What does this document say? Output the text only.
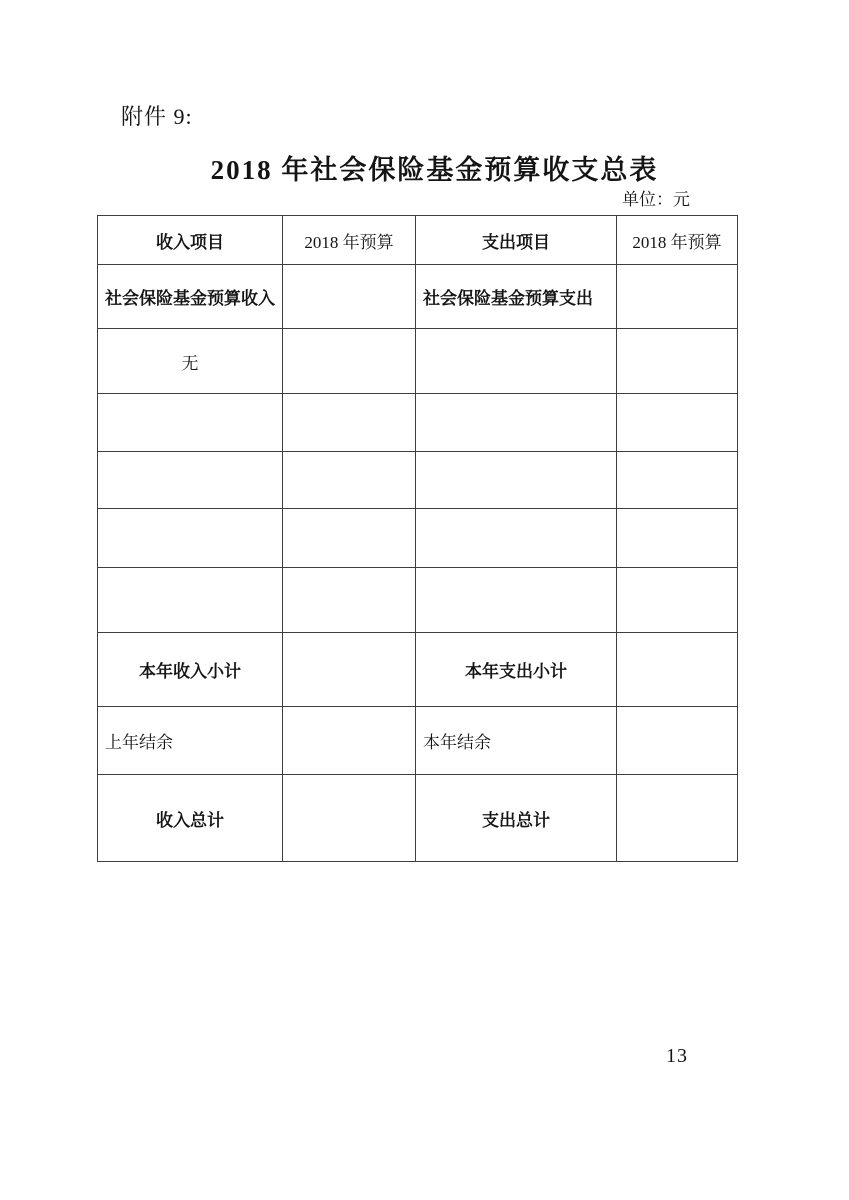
附件 9:
2018 年社会保险基金预算收支总表
单位：元
收入项目	2018 年预算	支出项目	2018 年预算
社会保险基金预算收入		社会保险基金预算支出	
无			

本年收入小计		本年支出小计	
上年结余		本年结余	
收入总计		支出总计	
13
